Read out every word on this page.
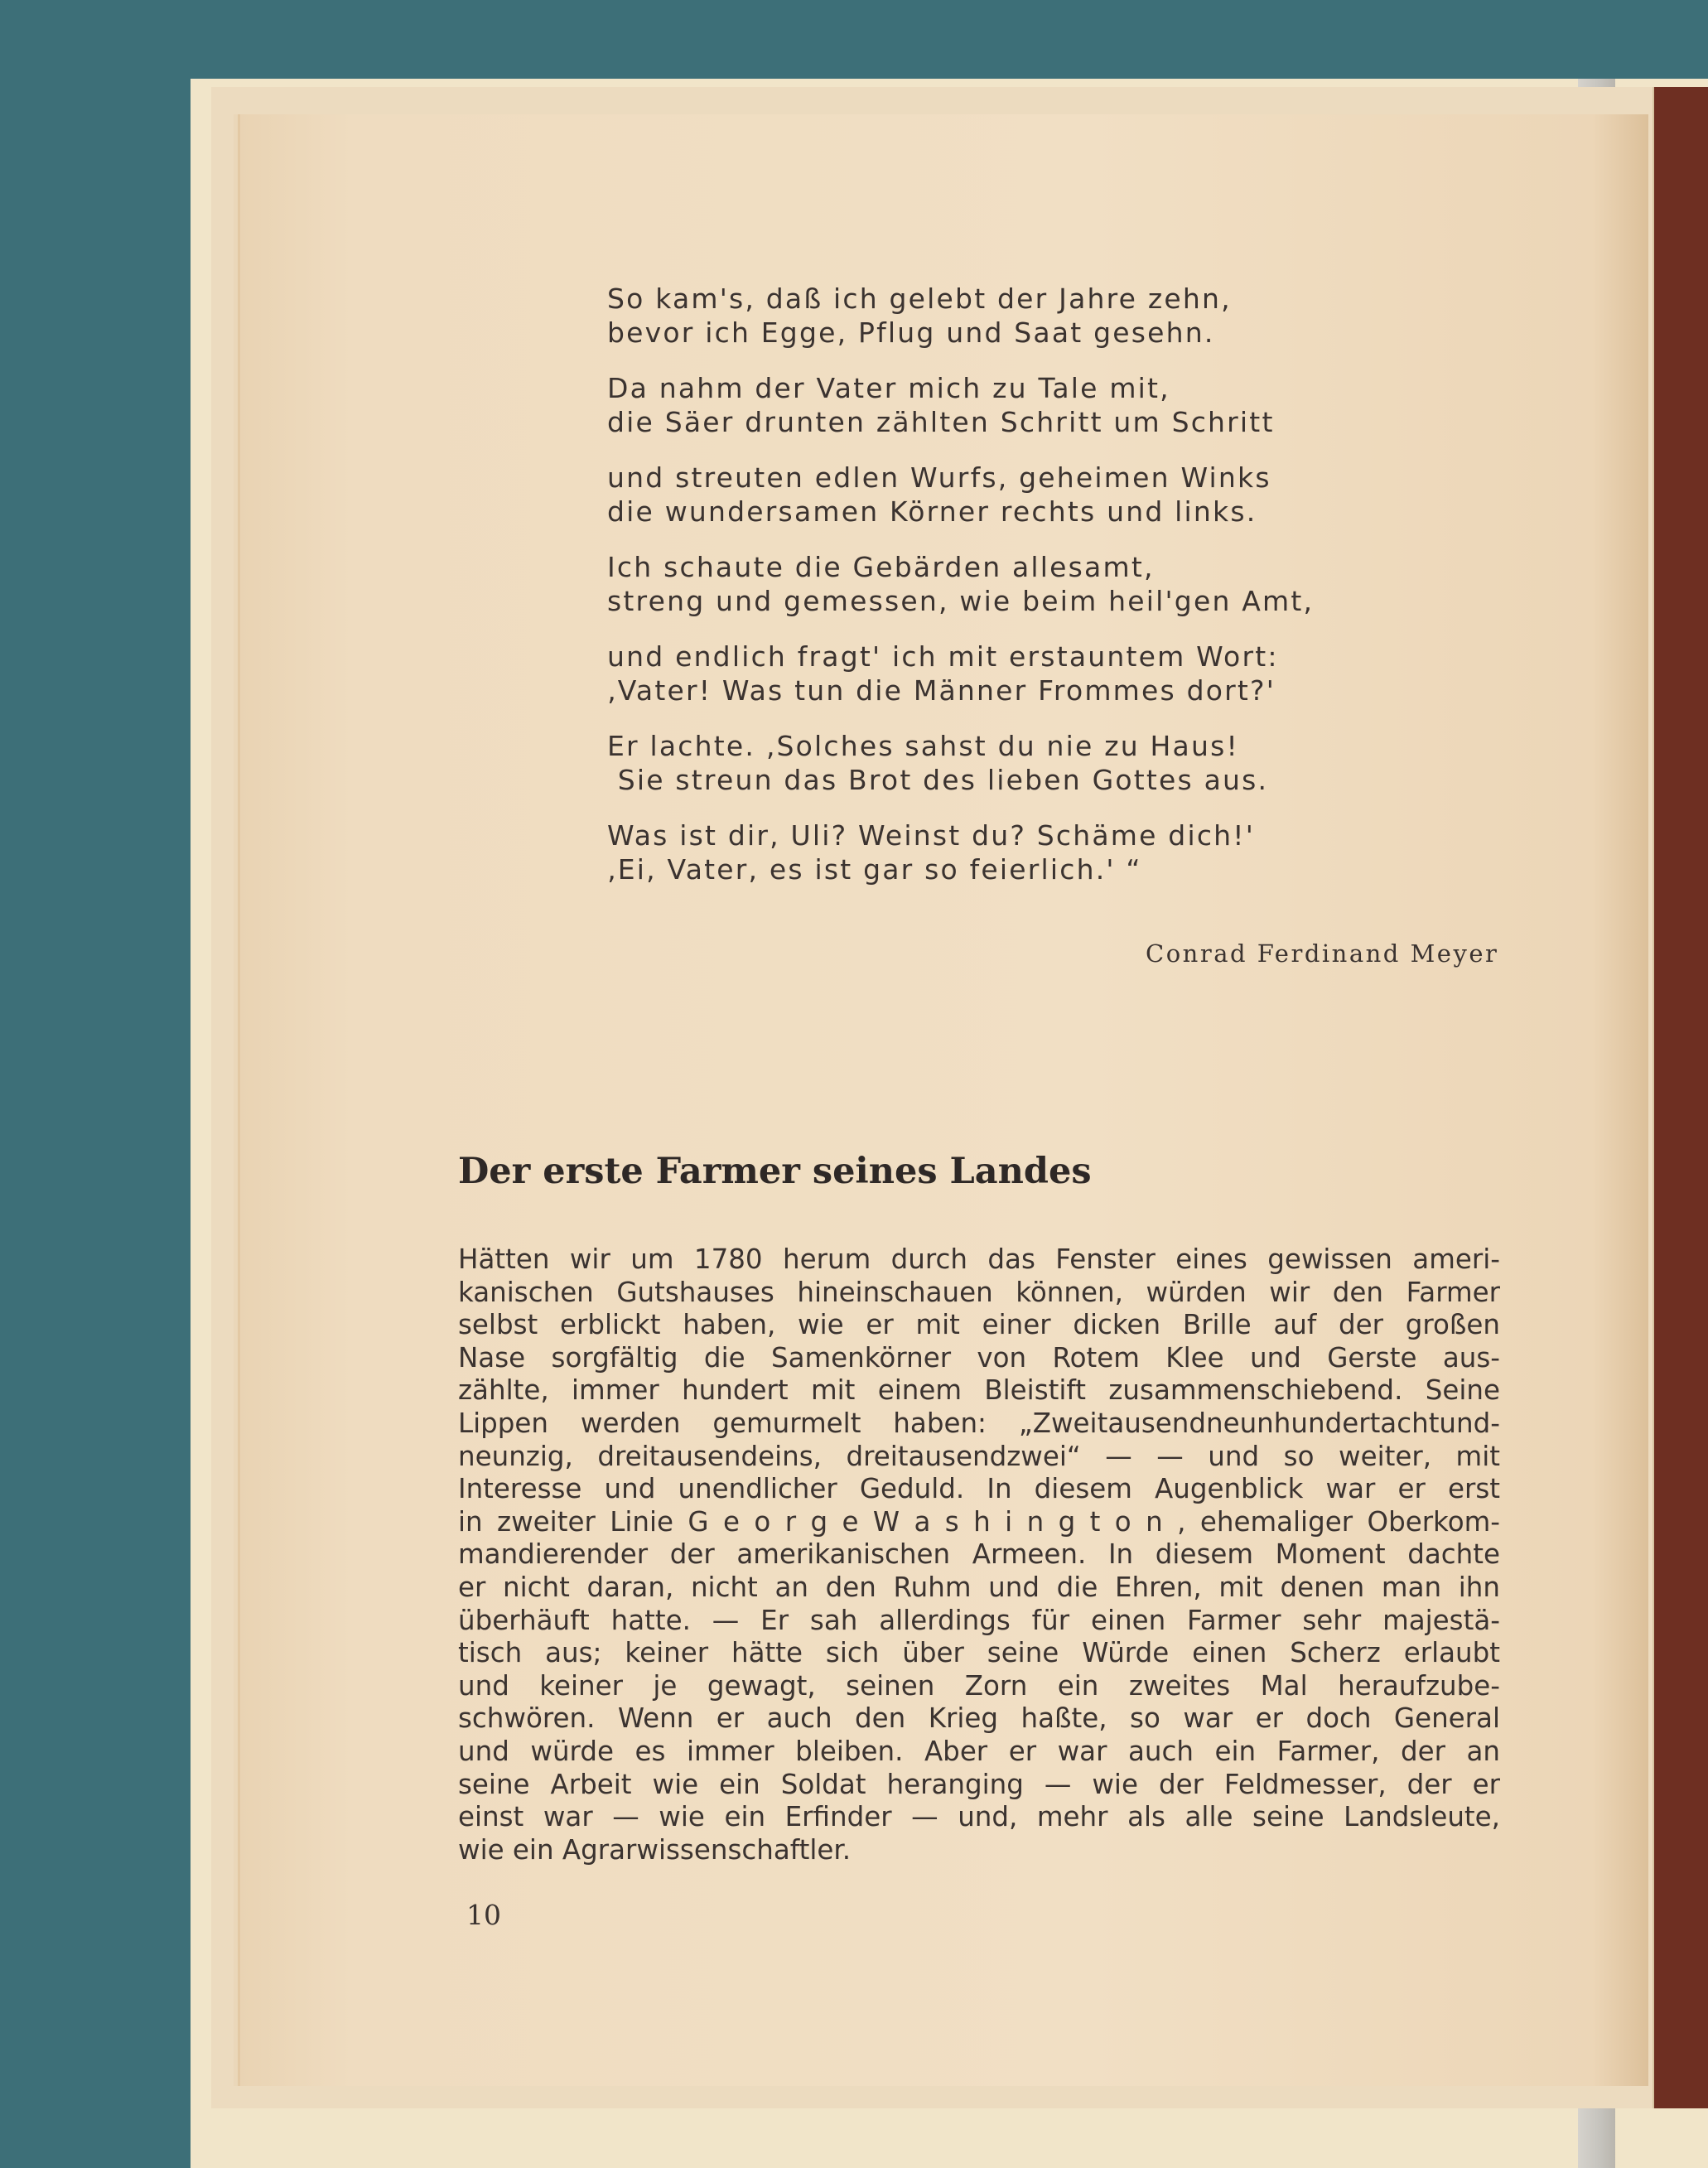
So kam's, daß ich gelebt der Jahre zehn,
bevor ich Egge, Pflug und Saat gesehn.
Da nahm der Vater mich zu Tale mit,
die Säer drunten zählten Schritt um Schritt
und streuten edlen Wurfs, geheimen Winks
die wundersamen Körner rechts und links.
Ich schaute die Gebärden allesamt,
streng und gemessen, wie beim heil'gen Amt,
und endlich fragt' ich mit erstauntem Wort:
‚Vater! Was tun die Männer Frommes dort?'
Er lachte. ‚Solches sahst du nie zu Haus!
Sie streun das Brot des lieben Gottes aus.
Was ist dir, Uli? Weinst du? Schäme dich!'
‚Ei, Vater, es ist gar so feierlich.' “
Conrad Ferdinand Meyer
Der erste Farmer seines Landes
Hätten wir um 1780 herum durch das Fenster eines gewissen ameri-
kanischen Gutshauses hineinschauen können, würden wir den Farmer
selbst erblickt haben, wie er mit einer dicken Brille auf der großen
Nase sorgfältig die Samenkörner von Rotem Klee und Gerste aus-
zählte, immer hundert mit einem Bleistift zusammenschiebend. Seine
Lippen werden gemurmelt haben: „Zweitausendneunhundertachtund-
neunzig, dreitausendeins, dreitausendzwei“ — — und so weiter, mit
Interesse und unendlicher Geduld. In diesem Augenblick war er erst
in zweiter Linie G e o r g e W a s h i n g t o n , ehemaliger Oberkom-
mandierender der amerikanischen Armeen. In diesem Moment dachte
er nicht daran, nicht an den Ruhm und die Ehren, mit denen man ihn
überhäuft hatte. — Er sah allerdings für einen Farmer sehr majestä-
tisch aus; keiner hätte sich über seine Würde einen Scherz erlaubt
und keiner je gewagt, seinen Zorn ein zweites Mal heraufzube-
schwören. Wenn er auch den Krieg haßte, so war er doch General
und würde es immer bleiben. Aber er war auch ein Farmer, der an
seine Arbeit wie ein Soldat heranging — wie der Feldmesser, der er
einst war — wie ein Erfinder — und, mehr als alle seine Landsleute,
wie ein Agrarwissenschaftler.
10
